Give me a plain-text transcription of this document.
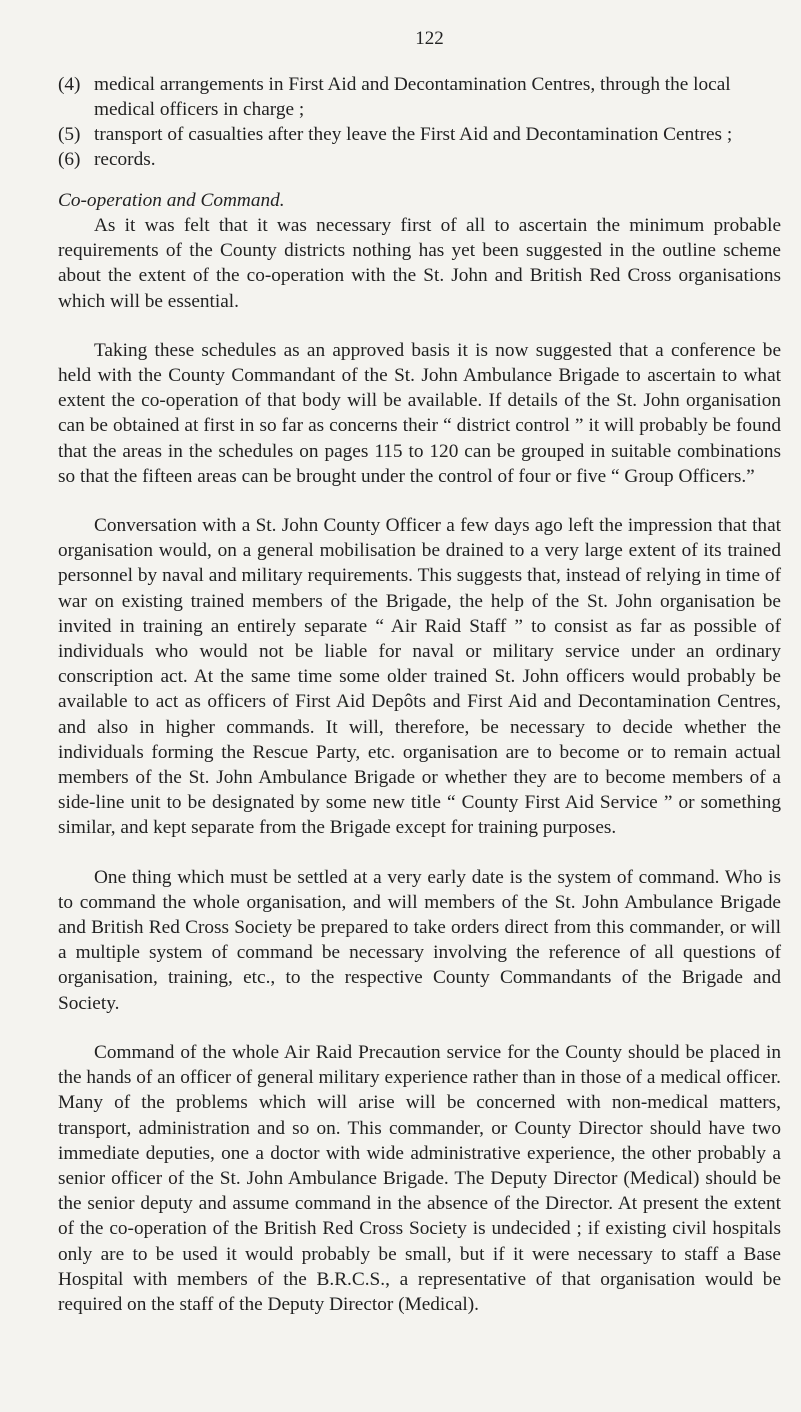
122
(4) medical arrangements in First Aid and Decontamination Centres, through the local medical officers in charge ;
(5) transport of casualties after they leave the First Aid and Decontamination Centres ;
(6) records.
Co-operation and Command.

As it was felt that it was necessary first of all to ascertain the minimum probable requirements of the County districts nothing has yet been suggested in the outline scheme about the extent of the co-operation with the St. John and British Red Cross organisations which will be essential.

Taking these schedules as an approved basis it is now suggested that a conference be held with the County Commandant of the St. John Ambulance Brigade to ascertain to what extent the co-operation of that body will be available. If details of the St. John organisation can be obtained at first in so far as concerns their “ district control ” it will probably be found that the areas in the schedules on pages 115 to 120 can be grouped in suitable combinations so that the fifteen areas can be brought under the control of four or five “ Group Officers.”

Conversation with a St. John County Officer a few days ago left the impression that that organisation would, on a general mobilisation be drained to a very large extent of its trained personnel by naval and military requirements. This suggests that, instead of relying in time of war on existing trained members of the Brigade, the help of the St. John organisation be invited in training an entirely separate “ Air Raid Staff ” to consist as far as possible of individuals who would not be liable for naval or military service under an ordinary conscription act. At the same time some older trained St. John officers would probably be available to act as officers of First Aid Depôts and First Aid and Decontamination Centres, and also in higher commands. It will, therefore, be necessary to decide whether the individuals forming the Rescue Party, etc. organisation are to become or to remain actual members of the St. John Ambulance Brigade or whether they are to become members of a side-line unit to be designated by some new title “ County First Aid Service ” or something similar, and kept separate from the Brigade except for training purposes.

One thing which must be settled at a very early date is the system of command. Who is to command the whole organisation, and will members of the St. John Ambulance Brigade and British Red Cross Society be prepared to take orders direct from this commander, or will a multiple system of command be necessary involving the reference of all questions of organisation, training, etc., to the respective County Commandants of the Brigade and Society.

Command of the whole Air Raid Precaution service for the County should be placed in the hands of an officer of general military experience rather than in those of a medical officer. Many of the problems which will arise will be concerned with non-medical matters, transport, administration and so on. This commander, or County Director should have two immediate deputies, one a doctor with wide administrative experience, the other probably a senior officer of the St. John Ambulance Brigade. The Deputy Director (Medical) should be the senior deputy and assume command in the absence of the Director. At present the extent of the co-operation of the British Red Cross Society is undecided ; if existing civil hospitals only are to be used it would probably be small, but if it were necessary to staff a Base Hospital with members of the B.R.C.S., a representative of that organisation would be required on the staff of the Deputy Director (Medical).
